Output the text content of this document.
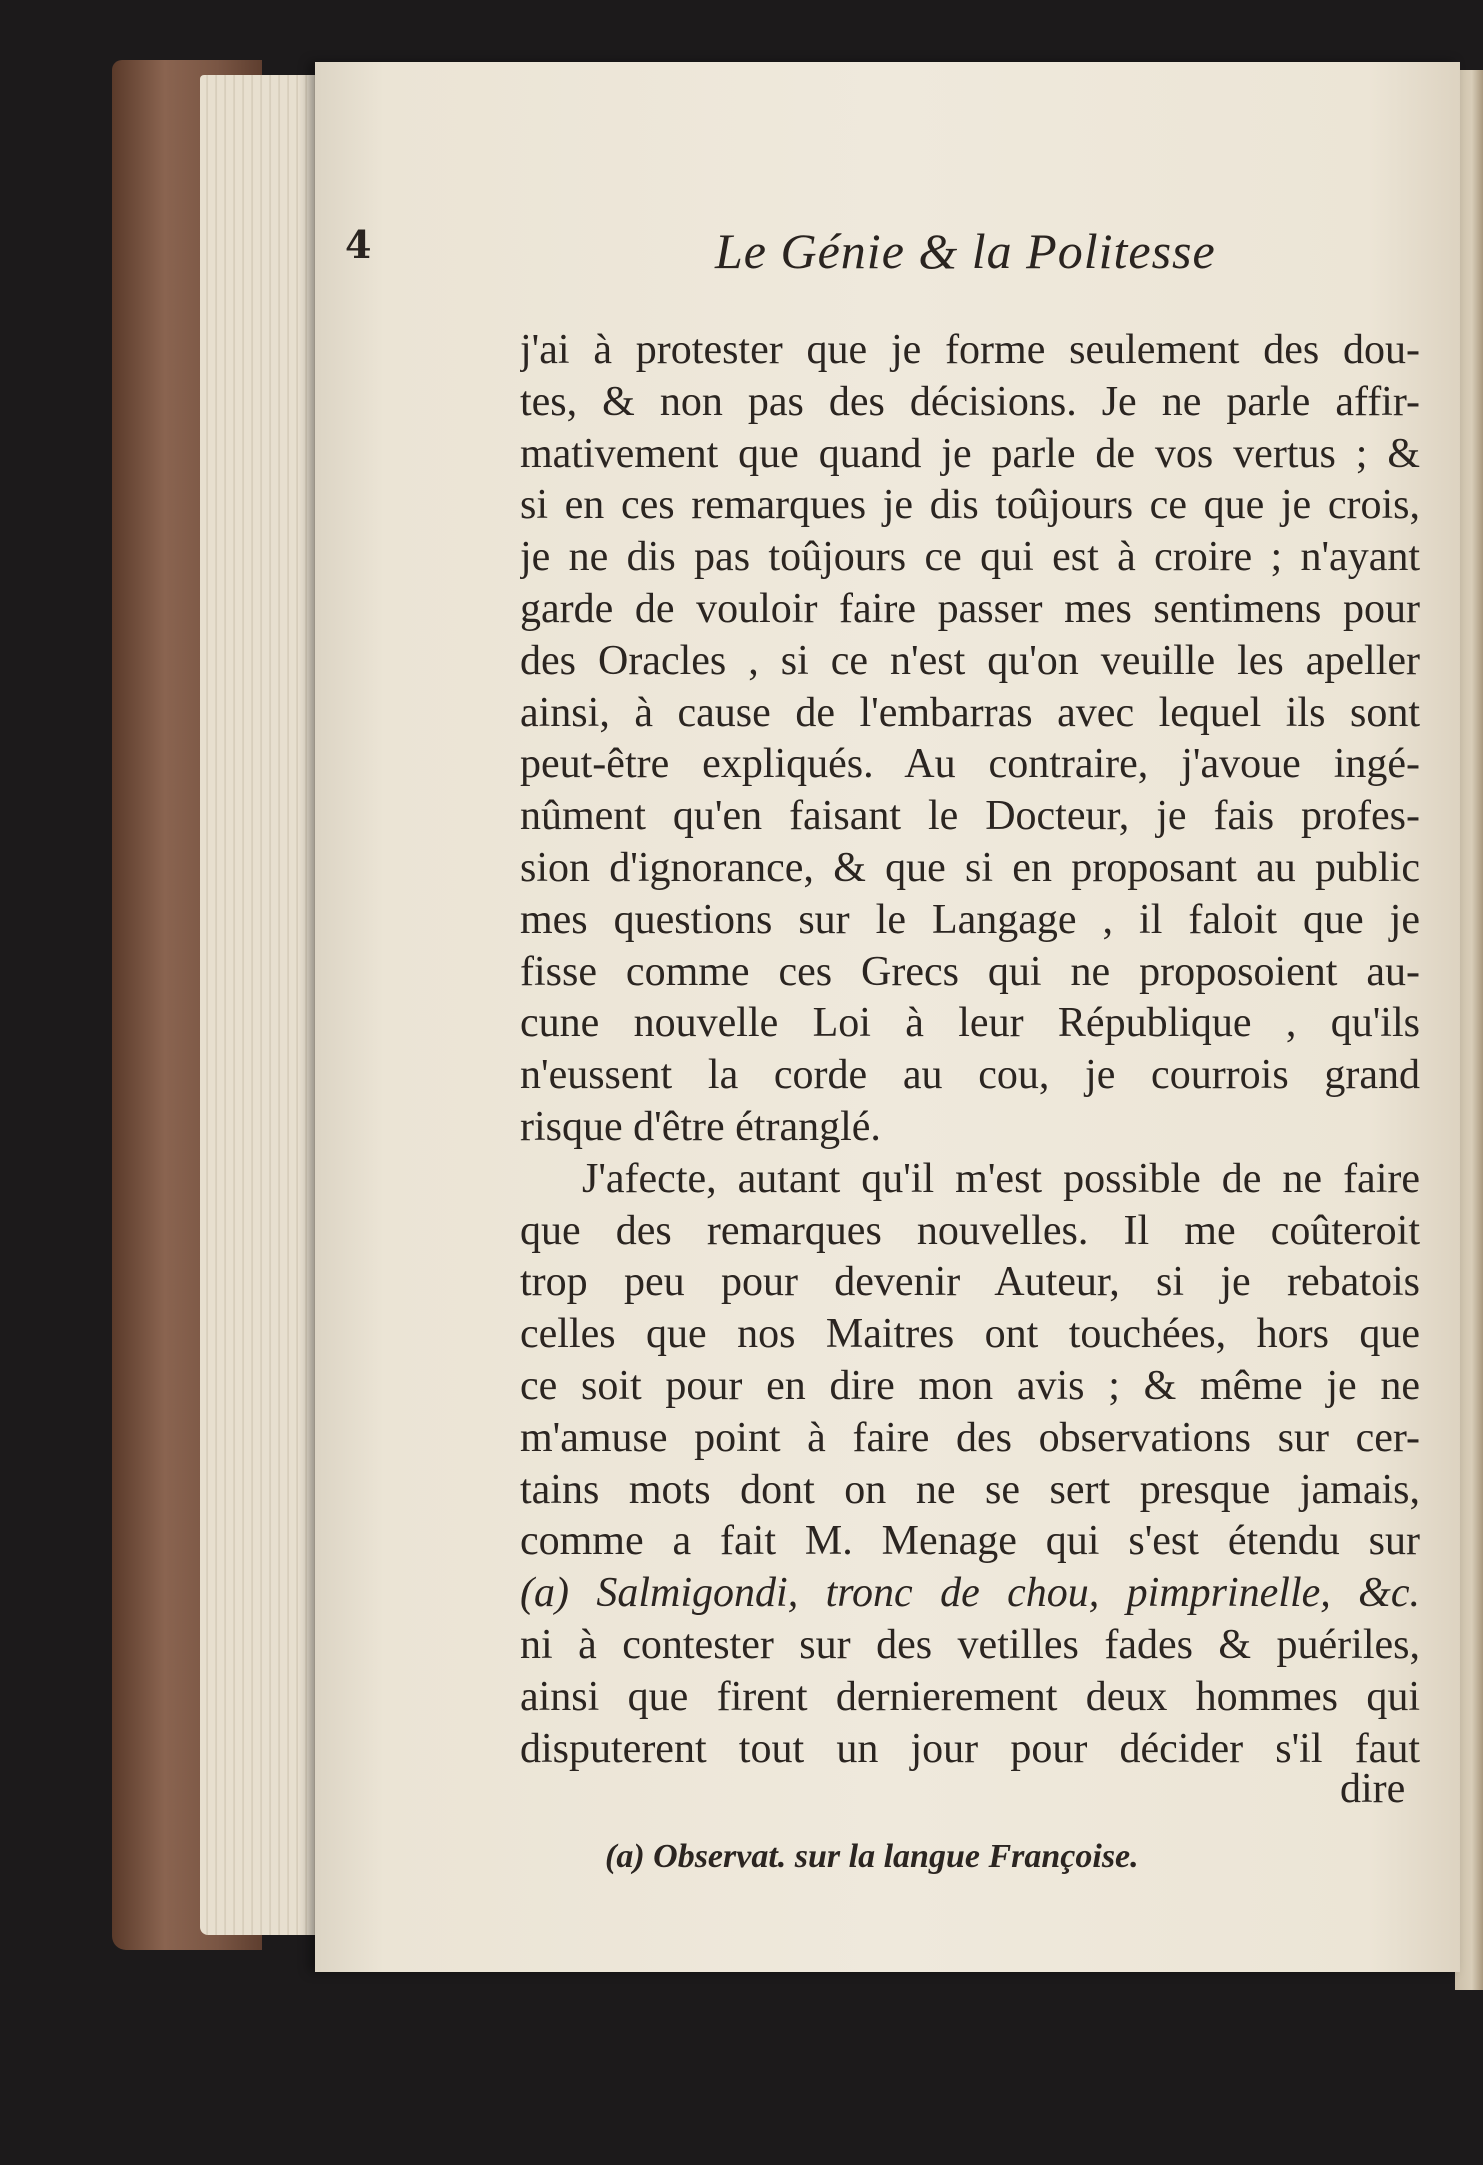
4	Le Génie & la Politesse
j'ai à protester que je forme seulement des dou-
tes, & non pas des décisions. Je ne parle affir-
mativement que quand je parle de vos vertus ; &
si en ces remarques je dis toûjours ce que je crois,
je ne dis pas toûjours ce qui est à croire ; n'ayant
garde de vouloir faire passer mes sentimens pour
des Oracles , si ce n'est qu'on veuille les apeller
ainsi, à cause de l'embarras avec lequel ils sont
peut-être expliqués. Au contraire, j'avoue ingé-
nûment qu'en faisant le Docteur, je fais profes-
sion d'ignorance, & que si en proposant au public
mes questions sur le Langage , il faloit que je
fisse comme ces Grecs qui ne proposoient au-
cune nouvelle Loi à leur République , qu'ils
n'eussent la corde au cou, je courrois grand
risque d'être étranglé.
J'afecte, autant qu'il m'est possible de ne faire
que des remarques nouvelles. Il me coûteroit
trop peu pour devenir Auteur, si je rebatois
celles que nos Maitres ont touchées, hors que
ce soit pour en dire mon avis ; & même je ne
m'amuse point à faire des observations sur cer-
tains mots dont on ne se sert presque jamais,
comme a fait M. Menage qui s'est étendu sur
(a) Salmigondi, tronc de chou, pimprinelle, &c.
ni à contester sur des vetilles fades & puériles,
ainsi que firent dernierement deux hommes qui
disputerent tout un jour pour décider s'il faut
dire
(a) Observat. sur la langue Françoise.
